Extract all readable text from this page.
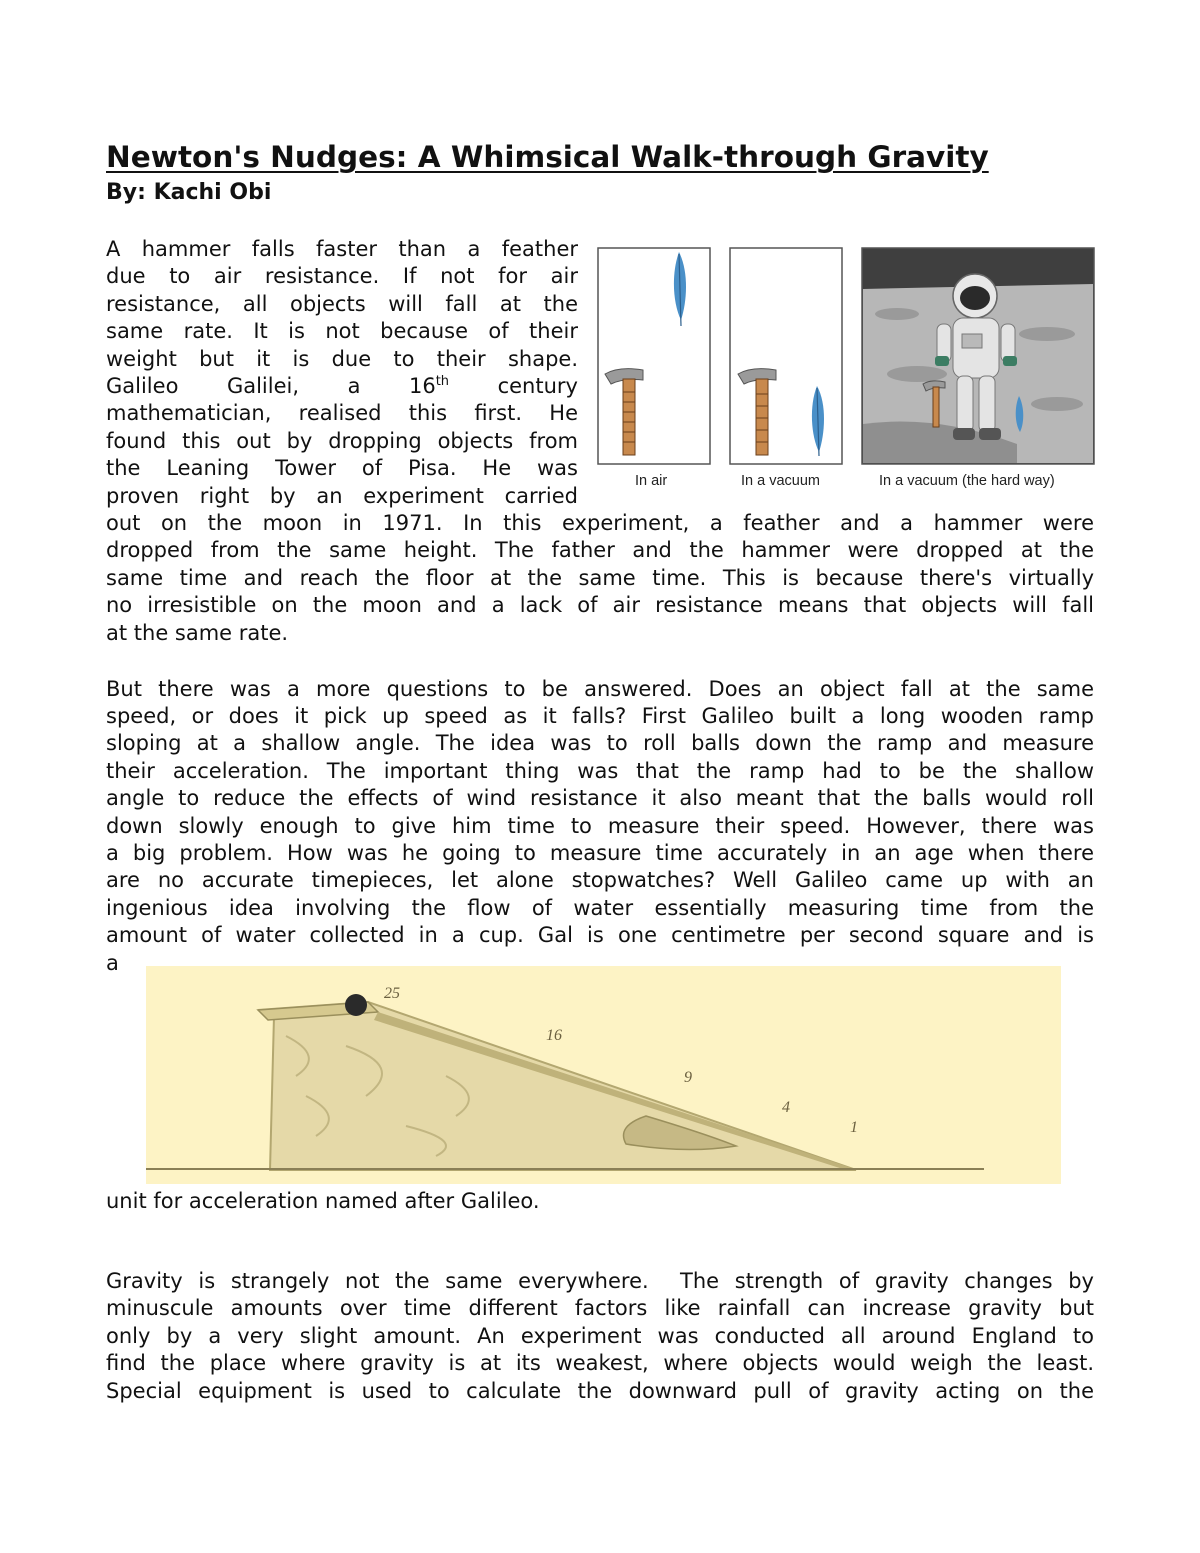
Newton's Nudges: A Whimsical Walk-through Gravity

By: Kachi Obi

A hammer falls faster than a feather
due to air resistance. If not for air
resistance, all objects will fall at the
same rate. It is not because of their
weight but it is due to their shape.
Galileo Galilei, a 16th century
mathematician, realised this first. He
found this out by dropping objects from
the Leaning Tower of Pisa. He was
proven right by an experiment carried
out on the moon in 1971. In this experiment, a feather and a hammer were
dropped from the same height. The father and the hammer were dropped at the
same time and reach the floor at the same time. This is because there's virtually
no irresistible on the moon and a lack of air resistance means that objects will fall
at the same rate.
In air	In a vacuum	In a vacuum (the hard way)
But there was a more questions to be answered. Does an object fall at the same
speed, or does it pick up speed as it falls? First Galileo built a long wooden ramp
sloping at a shallow angle. The idea was to roll balls down the ramp and measure
their acceleration. The important thing was that the ramp had to be the shallow
angle to reduce the effects of wind resistance it also meant that the balls would roll
down slowly enough to give him time to measure their speed. However, there was
a big problem. How was he going to measure time accurately in an age when there
are no accurate timepieces, let alone stopwatches? Well Galileo came up with an
ingenious idea involving the flow of water essentially measuring time from the
amount of water collected in a cup. Gal is one centimetre per second square and is
a
25
16
9
4
1
unit for acceleration named after Galileo.
Gravity is strangely not the same everywhere.  The strength of gravity changes by
minuscule amounts over time different factors like rainfall can increase gravity but
only by a very slight amount. An experiment was conducted all around England to
find the place where gravity is at its weakest, where objects would weigh the least.
Special equipment is used to calculate the downward pull of gravity acting on the
